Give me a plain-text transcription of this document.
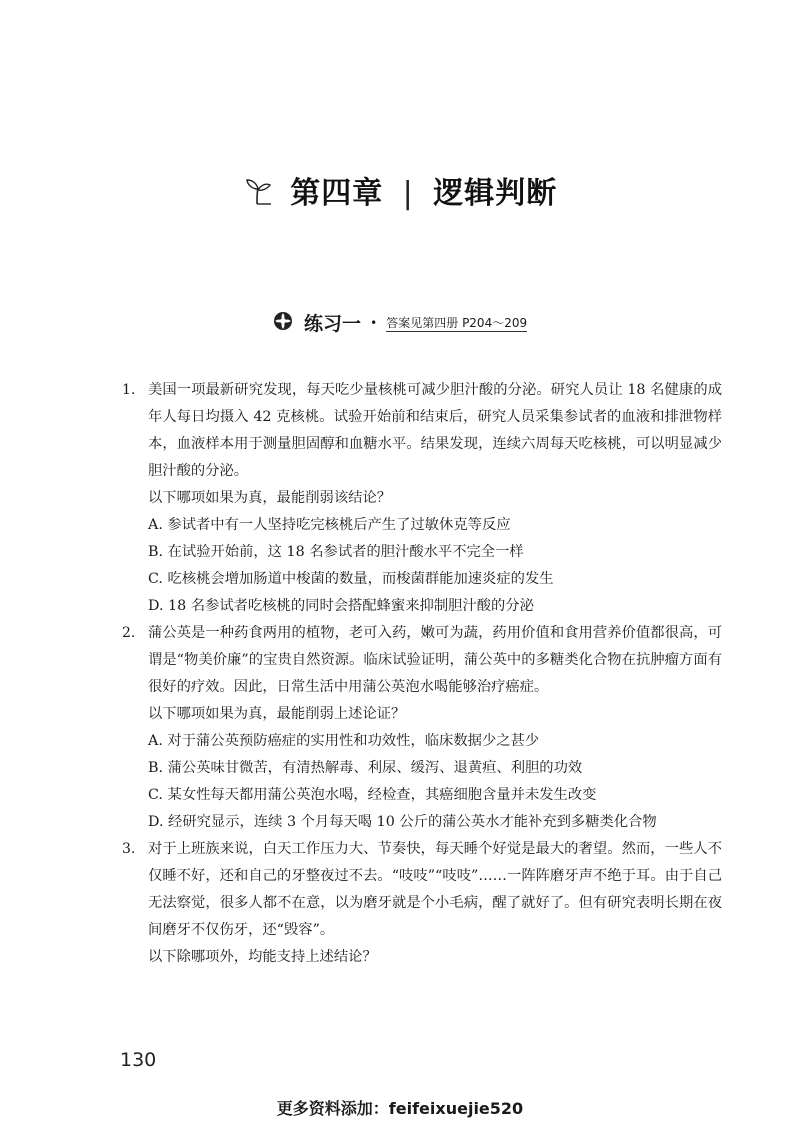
第四章 | 逻辑判断
练习一 • 答案见第四册 P204～209
1. 美国一项最新研究发现，每天吃少量核桃可减少胆汁酸的分泌。研究人员让 18 名健康的成年人每日均摄入 42 克核桃。试验开始前和结束后，研究人员采集参试者的血液和排泄物样本，血液样本用于测量胆固醇和血糖水平。结果发现，连续六周每天吃核桃，可以明显减少胆汁酸的分泌。

以下哪项如果为真，最能削弱该结论？

A. 参试者中有一人坚持吃完核桃后产生了过敏休克等反应

B. 在试验开始前，这 18 名参试者的胆汁酸水平不完全一样

C. 吃核桃会增加肠道中梭菌的数量，而梭菌群能加速炎症的发生

D. 18 名参试者吃核桃的同时会搭配蜂蜜来抑制胆汁酸的分泌

2. 蒲公英是一种药食两用的植物，老可入药，嫩可为蔬，药用价值和食用营养价值都很高，可谓是“物美价廉”的宝贵自然资源。临床试验证明，蒲公英中的多糖类化合物在抗肿瘤方面有很好的疗效。因此，日常生活中用蒲公英泡水喝能够治疗癌症。

以下哪项如果为真，最能削弱上述论证？

A. 对于蒲公英预防癌症的实用性和功效性，临床数据少之甚少

B. 蒲公英味甘微苦，有清热解毒、利尿、缓泻、退黄疸、利胆的功效

C. 某女性每天都用蒲公英泡水喝，经检查，其癌细胞含量并未发生改变

D. 经研究显示，连续 3 个月每天喝 10 公斤的蒲公英水才能补充到多糖类化合物

3. 对于上班族来说，白天工作压力大、节奏快，每天睡个好觉是最大的奢望。然而，一些人不仅睡不好，还和自己的牙整夜过不去。“吱吱”“吱吱”……一阵阵磨牙声不绝于耳。由于自己无法察觉，很多人都不在意，以为磨牙就是个小毛病，醒了就好了。但有研究表明长期在夜间磨牙不仅伤牙，还“毁容”。

以下除哪项外，均能支持上述结论？

130
更多资料添加：feifeixuejie520
